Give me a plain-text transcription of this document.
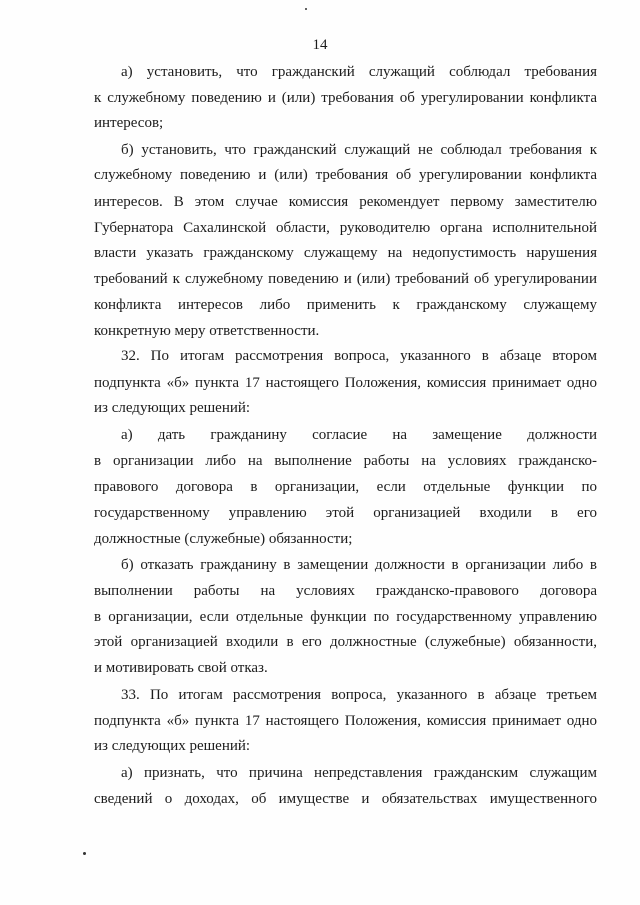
14
а) установить, что гражданский служащий соблюдал требования
к служебному поведению и (или) требования об урегулировании конфликта
интересов;
б) установить, что гражданский служащий не соблюдал требования к
служебному поведению и (или) требования об урегулировании конфликта
интересов. В этом случае комиссия рекомендует первому заместителю
Губернатора Сахалинской области, руководителю органа исполнительной
власти указать гражданскому служащему на недопустимость нарушения
требований к служебному поведению и (или) требований об урегулировании
конфликта интересов либо применить к гражданскому служащему
конкретную меру ответственности.
32. По итогам рассмотрения вопроса, указанного в абзаце втором
подпункта «б» пункта 17 настоящего Положения, комиссия принимает одно
из следующих решений:
а) дать гражданину согласие на замещение должности
в организации либо на выполнение работы на условиях гражданско-
правового договора в организации, если отдельные функции по
государственному управлению этой организацией входили в его
должностные (служебные) обязанности;
б) отказать гражданину в замещении должности в организации либо в
выполнении работы на условиях гражданско-правового договора
в организации, если отдельные функции по государственному управлению
этой организацией входили в его должностные (служебные) обязанности,
и мотивировать свой отказ.
33. По итогам рассмотрения вопроса, указанного в абзаце третьем
подпункта «б» пункта 17 настоящего Положения, комиссия принимает одно
из следующих решений:
а) признать, что причина непредставления гражданским служащим
сведений о доходах, об имуществе и обязательствах имущественного
